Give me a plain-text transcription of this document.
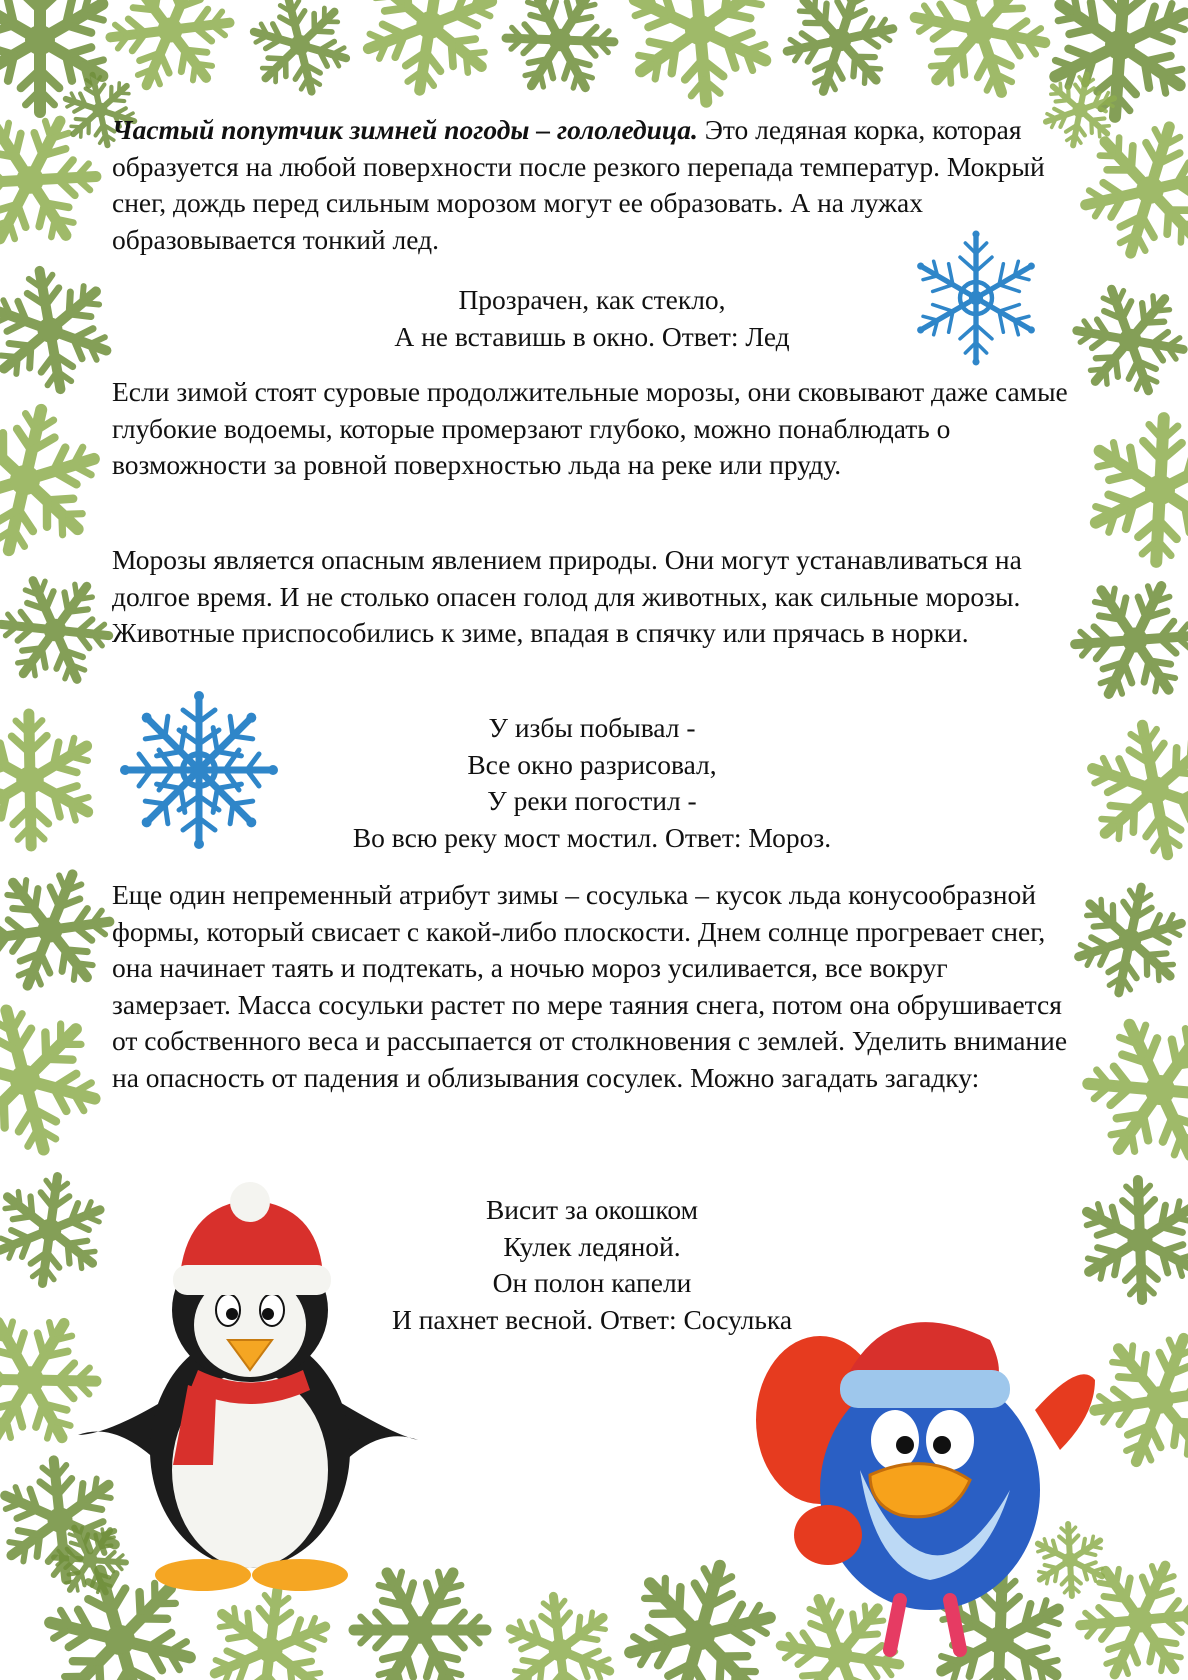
Частый попутчик зимней погоды – гололедица. Это ледяная корка, которая образуется на любой поверхности после резкого перепада температур. Мокрый снег, дождь перед сильным морозом могут ее образовать. А на лужах образовывается тонкий лед.

Прозрачен, как стекло,
А не вставишь в окно. Ответ: Лед

Если зимой стоят суровые продолжительные морозы, они сковывают даже самые глубокие водоемы, которые промерзают глубоко, можно понаблюдать о возможности за ровной поверхностью льда на реке или пруду.

Морозы является опасным явлением природы. Они могут устанавливаться на долгое время. И не столько опасен голод для животных, как сильные морозы. Животные приспособились к зиме, впадая в спячку или прячась в норки.

У избы побывал -
Все окно разрисовал,
У реки погостил -
Во всю реку мост мостил. Ответ: Мороз.

Еще один непременный атрибут зимы – сосулька – кусок льда конусообразной формы, который свисает с какой-либо плоскости. Днем солнце прогревает снег, она начинает таять и подтекать, а ночью мороз усиливается, все вокруг замерзает. Масса сосульки растет по мере таяния снега, потом она обрушивается от собственного веса и рассыпается от столкновения с землей. Уделить внимание на опасность от падения и облизывания сосулек. Можно загадать загадку:

Висит за окошком
Кулек ледяной.
Он полон капели
И пахнет весной. Ответ: Сосулька
